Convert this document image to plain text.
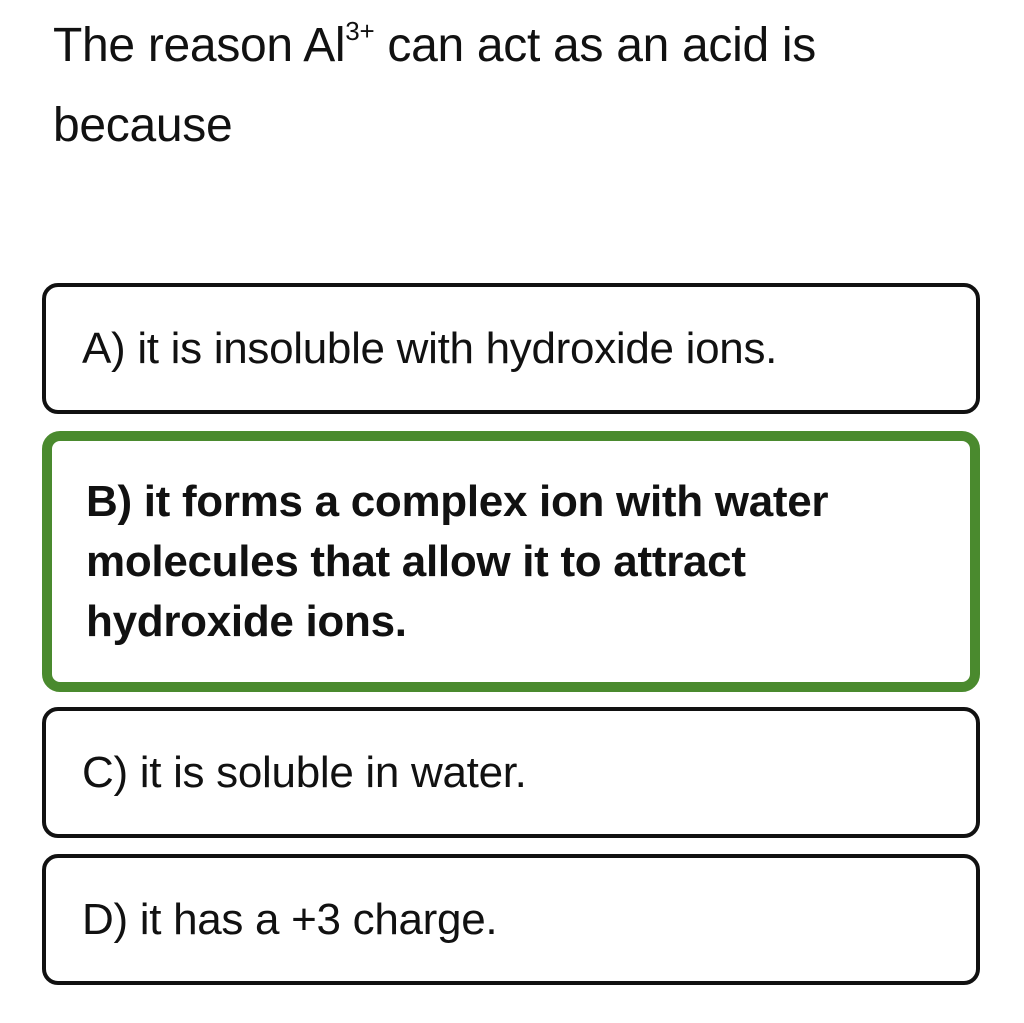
The reason $Al^{3+}$ can act as an acid is because
A) it is insoluble with hydroxide ions.
B) it forms a complex ion with water molecules that allow it to attract hydroxide ions.
C) it is soluble in water.
D) it has a +3 charge.
